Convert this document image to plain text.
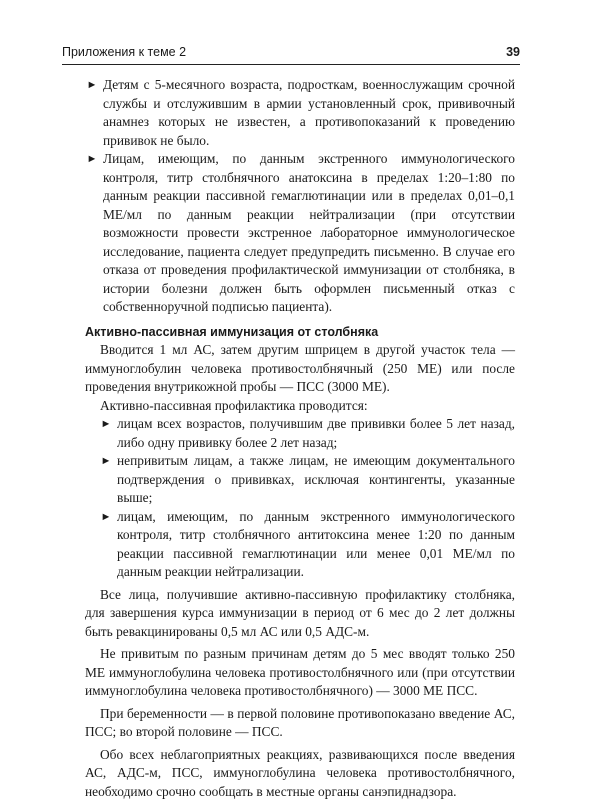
Приложения к теме 2	39
► Детям с 5-месячного возраста, подросткам, военнослужащим срочной службы и отслужившим в армии установленный срок, прививочный анамнез которых не известен, а противопоказаний к проведению прививок не было.
► Лицам, имеющим, по данным экстренного иммунологического контроля, титр столбнячного анатоксина в пределах 1:20–1:80 по данным реакции пассивной гемаглютинации или в пределах 0,01–0,1 МЕ/мл по данным реакции нейтрализации (при отсутствии возможности провести экстренное лабораторное иммунологическое исследование, пациента следует предупредить письменно. В случае его отказа от проведения профилактической иммунизации от столбняка, в истории болезни должен быть оформлен письменный отказ с собственноручной подписью пациента).
Активно-пассивная иммунизация от столбняка
Вводится 1 мл АС, затем другим шприцем в другой участок тела — иммуноглобулин человека противостолбнячный (250 МЕ) или после проведения внутрикожной пробы — ПСС (3000 МЕ).
Активно-пассивная профилактика проводится:
► лицам всех возрастов, получившим две прививки более 5 лет назад, либо одну прививку более 2 лет назад;
► непривитым лицам, а также лицам, не имеющим документального подтверждения о прививках, исключая контингенты, указанные выше;
► лицам, имеющим, по данным экстренного иммунологического контроля, титр столбнячного антитоксина менее 1:20 по данным реакции пассивной гемаглютинации или менее 0,01 МЕ/мл по данным реакции нейтрализации.
Все лица, получившие активно-пассивную профилактику столбняка, для завершения курса иммунизации в период от 6 мес до 2 лет должны быть ревакцинированы 0,5 мл АС или 0,5 АДС-м.
Не привитым по разным причинам детям до 5 мес вводят только 250 МЕ иммуноглобулина человека противостолбнячного или (при отсутствии иммуноглобулина человека противостолбнячного) — 3000 МЕ ПСС.
При беременности — в первой половине противопоказано введение АС, ПСС; во второй половине — ПСС.
Обо всех неблагоприятных реакциях, развивающихся после введения АС, АДС-м, ПСС, иммуноглобулина человека противостолбнячного, необходимо срочно сообщать в местные органы санэпиднадзора.
